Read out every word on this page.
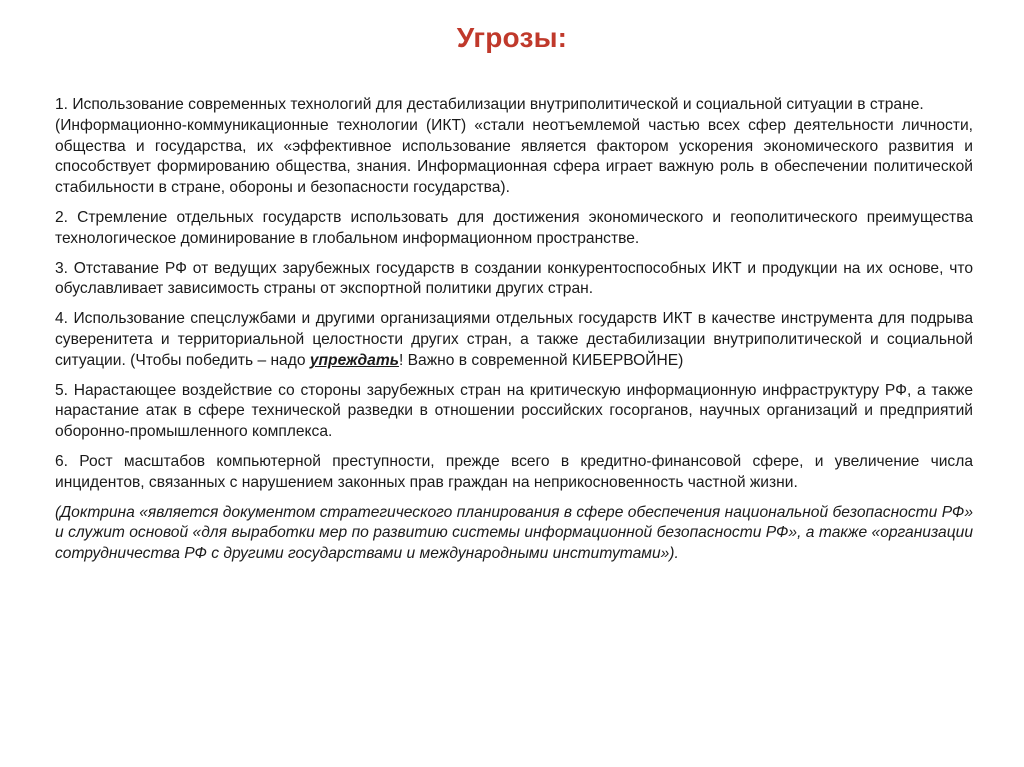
Угрозы:
1. Использование современных технологий для дестабилизации внутриполитической и социальной ситуации в стране.
(Информационно-коммуникационные технологии (ИКТ) «стали неотъемлемой частью всех сфер деятельности личности, общества и государства, их «эффективное использование является фактором ускорения экономического развития и способствует формированию общества, знания. Информационная сфера играет важную роль в обеспечении политической стабильности в стране, обороны и безопасности государства).
2. Стремление отдельных государств использовать для достижения экономического и геополитического преимущества технологическое доминирование в глобальном информационном пространстве.
3. Отставание РФ от ведущих зарубежных государств в создании конкурентоспособных ИКТ и продукции на их основе, что обуславливает зависимость страны от экспортной политики других стран.
4. Использование спецслужбами и другими организациями отдельных государств ИКТ в качестве инструмента для подрыва суверенитета и территориальной целостности других стран, а также дестабилизации внутриполитической и социальной ситуации. (Чтобы победить – надо упреждать! Важно в современной КИБЕРВОЙНЕ)
5. Нарастающее воздействие со стороны зарубежных стран на критическую информационную инфраструктуру РФ, а также нарастание атак в сфере технической разведки в отношении российских госорганов, научных организаций и предприятий оборонно-промышленного комплекса.
6. Рост масштабов компьютерной преступности, прежде всего в кредитно-финансовой сфере, и увеличение числа инцидентов, связанных с нарушением законных прав граждан на неприкосновенность частной жизни.
(Доктрина «является документом стратегического планирования в сфере обеспечения национальной безопасности РФ» и служит основой «для выработки мер по развитию системы информационной безопасности РФ», а также «организации сотрудничества РФ с другими государствами и международными институтами»).
